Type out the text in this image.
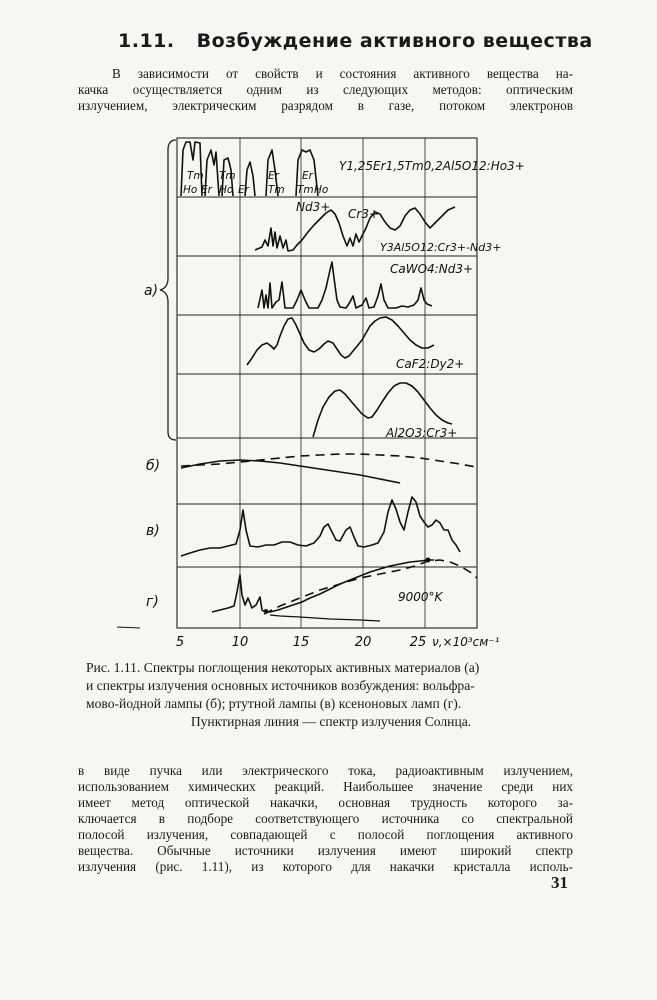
1.11. Возбуждение активного вещества
В зависимости от свойств и состояния активного вещества на-
качка осуществляется одним из следующих методов: оптическим
излучением, электрическим разрядом в газе, потоком электронов
Tm
Ho Er
Tm
Ho Er
Er
Tm
Er
Tm Ho
Y1,25Er1,5Tm0,2Al5O12:Ho3+
Nd3+ Cr3+
Y3Al5O12:Cr3+-Nd3+
CaWO4:Nd3+
CaF2:Dy2+
Al2O3:Cr3+
9000°K
а)
б)
в)
г)
5	10	15	20	25 ν,×10³см⁻¹
Рис. 1.11. Спектры поглощения некоторых активных материалов (а)
и спектры излучения основных источников возбуждения: вольфра-
мово-йодной лампы (б); ртутной лампы (в) ксеноновых ламп (г).
Пунктирная линия — спектр излучения Солнца.
в виде пучка или электрического тока, радиоактивным излучением,
использованием химических реакций. Наибольшее значение среди них
имеет метод оптической накачки, основная трудность которого за-
ключается в подборе соответствующего источника со спектральной
полосой излучения, совпадающей с полосой поглощения активного
вещества. Обычные источники излучения имеют широкий спектр
излучения (рис. 1.11), из которого для накачки кристалла исполь-
31
